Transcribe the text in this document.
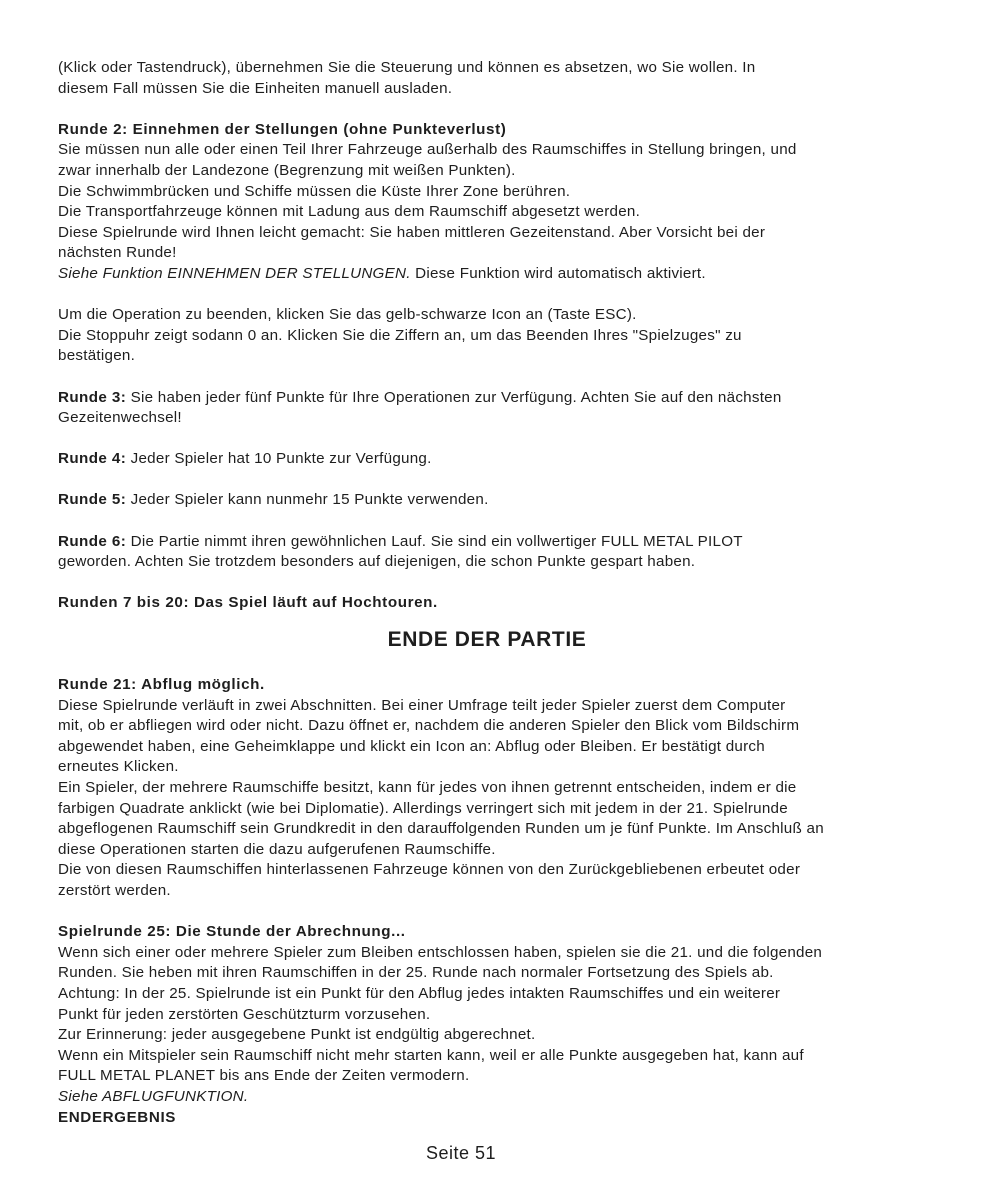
(Klick oder Tastendruck), übernehmen Sie die Steuerung und können es absetzen, wo Sie wollen. In

diesem Fall müssen Sie die Einheiten manuell ausladen.

Runde 2: Einnehmen der Stellungen (ohne Punkteverlust)

Sie müssen nun alle oder einen Teil Ihrer Fahrzeuge außerhalb des Raumschiffes in Stellung bringen, und

zwar innerhalb der Landezone (Begrenzung mit weißen Punkten).

Die Schwimmbrücken und Schiffe müssen die Küste Ihrer Zone berühren.

Die Transportfahrzeuge können mit Ladung aus dem Raumschiff abgesetzt werden.

Diese Spielrunde wird Ihnen leicht gemacht: Sie haben mittleren Gezeitenstand. Aber Vorsicht bei der

nächsten Runde!

Siehe Funktion EINNEHMEN DER STELLUNGEN. Diese Funktion wird automatisch aktiviert.

Um die Operation zu beenden, klicken Sie das gelb-schwarze Icon an (Taste ESC).

Die Stoppuhr zeigt sodann 0 an. Klicken Sie die Ziffern an, um das Beenden Ihres "Spielzuges" zu

bestätigen.

Runde 3: Sie haben jeder fünf Punkte für Ihre Operationen zur Verfügung. Achten Sie auf den nächsten

Gezeitenwechsel!

Runde 4: Jeder Spieler hat 10 Punkte zur Verfügung.

Runde 5: Jeder Spieler kann nunmehr 15 Punkte verwenden.

Runde 6: Die Partie nimmt ihren gewöhnlichen Lauf. Sie sind ein vollwertiger FULL METAL PILOT

geworden. Achten Sie trotzdem besonders auf diejenigen, die schon Punkte gespart haben.

Runden 7 bis 20: Das Spiel läuft auf Hochtouren.

ENDE DER PARTIE

Runde 21: Abflug möglich.

Diese Spielrunde verläuft in zwei Abschnitten. Bei einer Umfrage teilt jeder Spieler zuerst dem Computer

mit, ob er abfliegen wird oder nicht. Dazu öffnet er, nachdem die anderen Spieler den Blick vom Bildschirm

abgewendet haben, eine Geheimklappe und klickt ein Icon an: Abflug oder Bleiben. Er bestätigt durch

erneutes Klicken.

Ein Spieler, der mehrere Raumschiffe besitzt, kann für jedes von ihnen getrennt entscheiden, indem er die

farbigen Quadrate anklickt (wie bei Diplomatie). Allerdings verringert sich mit jedem in der 21. Spielrunde

abgeflogenen Raumschiff sein Grundkredit in den darauffolgenden Runden um je fünf Punkte. Im Anschluß an

diese Operationen starten die dazu aufgerufenen Raumschiffe.

Die von diesen Raumschiffen hinterlassenen Fahrzeuge können von den Zurückgebliebenen erbeutet oder

zerstört werden.

Spielrunde 25: Die Stunde der Abrechnung...

Wenn sich einer oder mehrere Spieler zum Bleiben entschlossen haben, spielen sie die 21. und die folgenden

Runden. Sie heben mit ihren Raumschiffen in der 25. Runde nach normaler Fortsetzung des Spiels ab.

Achtung: In der 25. Spielrunde ist ein Punkt für den Abflug jedes intakten Raumschiffes und ein weiterer

Punkt für jeden zerstörten Geschützturm vorzusehen.

Zur Erinnerung: jeder ausgegebene Punkt ist endgültig abgerechnet.

Wenn ein Mitspieler sein Raumschiff nicht mehr starten kann, weil er alle Punkte ausgegeben hat, kann auf

FULL METAL PLANET bis ans Ende der Zeiten vermodern.

Siehe ABFLUGFUNKTION.

ENDERGEBNIS

Seite 51
